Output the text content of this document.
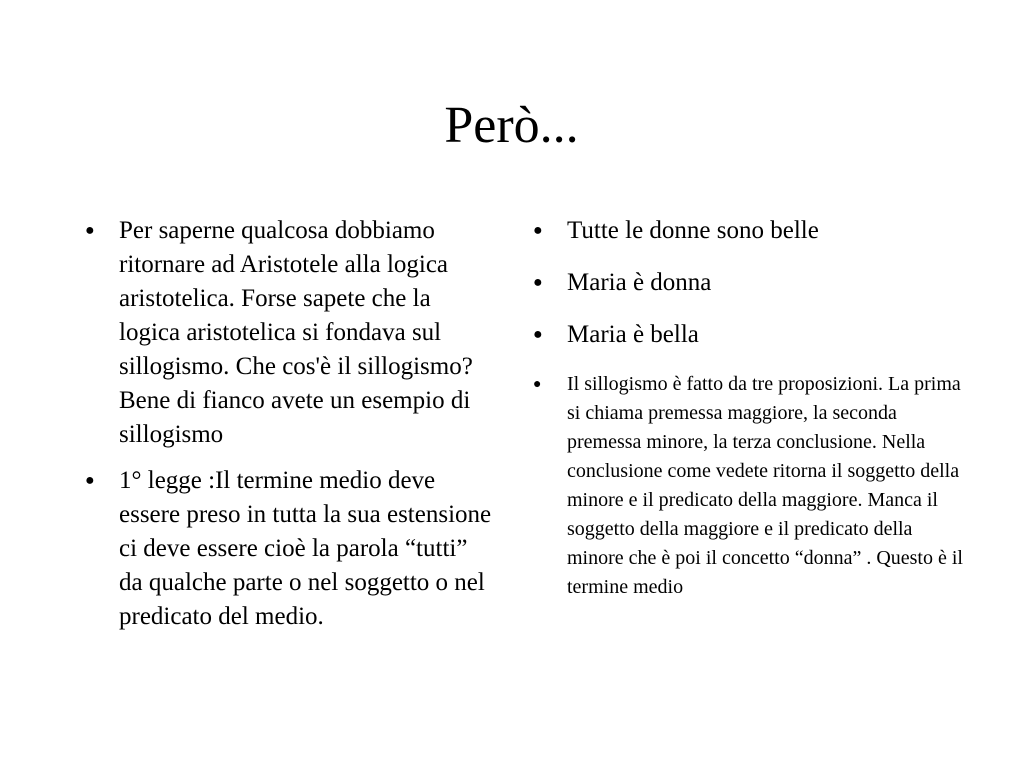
Però...
● Per saperne qualcosa dobbiamo ritornare ad Aristotele alla logica aristotelica. Forse sapete che la logica aristotelica si fondava sul sillogismo. Che cos'è il sillogismo? Bene di fianco avete un esempio di sillogismo
● 1° legge :Il termine medio deve essere preso in tutta la sua estensione ci deve essere cioè la parola “tutti” da qualche parte o nel soggetto o nel predicato del medio.
● Tutte le donne sono belle
● Maria è donna
● Maria è bella
● Il sillogismo è fatto da tre proposizioni. La prima si chiama premessa maggiore, la seconda premessa minore, la terza conclusione. Nella conclusione come vedete ritorna il soggetto della minore e il predicato della maggiore. Manca il soggetto della maggiore e il predicato della minore che è poi il concetto “donna” . Questo è il termine medio
